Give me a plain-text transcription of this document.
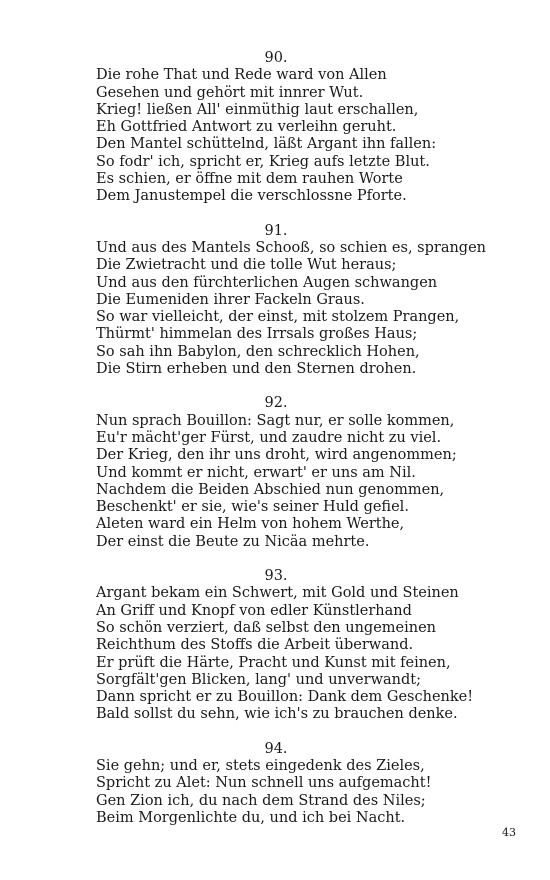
90.
Die rohe That und Rede ward von Allen
Gesehen und gehört mit innrer Wut.
Krieg! ließen All' einmüthig laut erschallen,
Eh Gottfried Antwort zu verleihn geruht.
Den Mantel schüttelnd, läßt Argant ihn fallen:
So fodr' ich, spricht er, Krieg aufs letzte Blut.
Es schien, er öffne mit dem rauhen Worte
Dem Janustempel die verschlossne Pforte.
91.
Und aus des Mantels Schooß, so schien es, sprangen
Die Zwietracht und die tolle Wut heraus;
Und aus den fürchterlichen Augen schwangen
Die Eumeniden ihrer Fackeln Graus.
So war vielleicht, der einst, mit stolzem Prangen,
Thürmt' himmelan des Irrsals großes Haus;
So sah ihn Babylon, den schrecklich Hohen,
Die Stirn erheben und den Sternen drohen.
92.
Nun sprach Bouillon: Sagt nur, er solle kommen,
Eu'r mächt'ger Fürst, und zaudre nicht zu viel.
Der Krieg, den ihr uns droht, wird angenommen;
Und kommt er nicht, erwart' er uns am Nil.
Nachdem die Beiden Abschied nun genommen,
Beschenkt' er sie, wie's seiner Huld gefiel.
Aleten ward ein Helm von hohem Werthe,
Der einst die Beute zu Nicäa mehrte.
93.
Argant bekam ein Schwert, mit Gold und Steinen
An Griff und Knopf von edler Künstlerhand
So schön verziert, daß selbst den ungemeinen
Reichthum des Stoffs die Arbeit überwand.
Er prüft die Härte, Pracht und Kunst mit feinen,
Sorgfält'gen Blicken, lang' und unverwandt;
Dann spricht er zu Bouillon: Dank dem Geschenke!
Bald sollst du sehn, wie ich's zu brauchen denke.
94.
Sie gehn; und er, stets eingedenk des Zieles,
Spricht zu Alet: Nun schnell uns aufgemacht!
Gen Zion ich, du nach dem Strand des Niles;
Beim Morgenlichte du, und ich bei Nacht.
43
